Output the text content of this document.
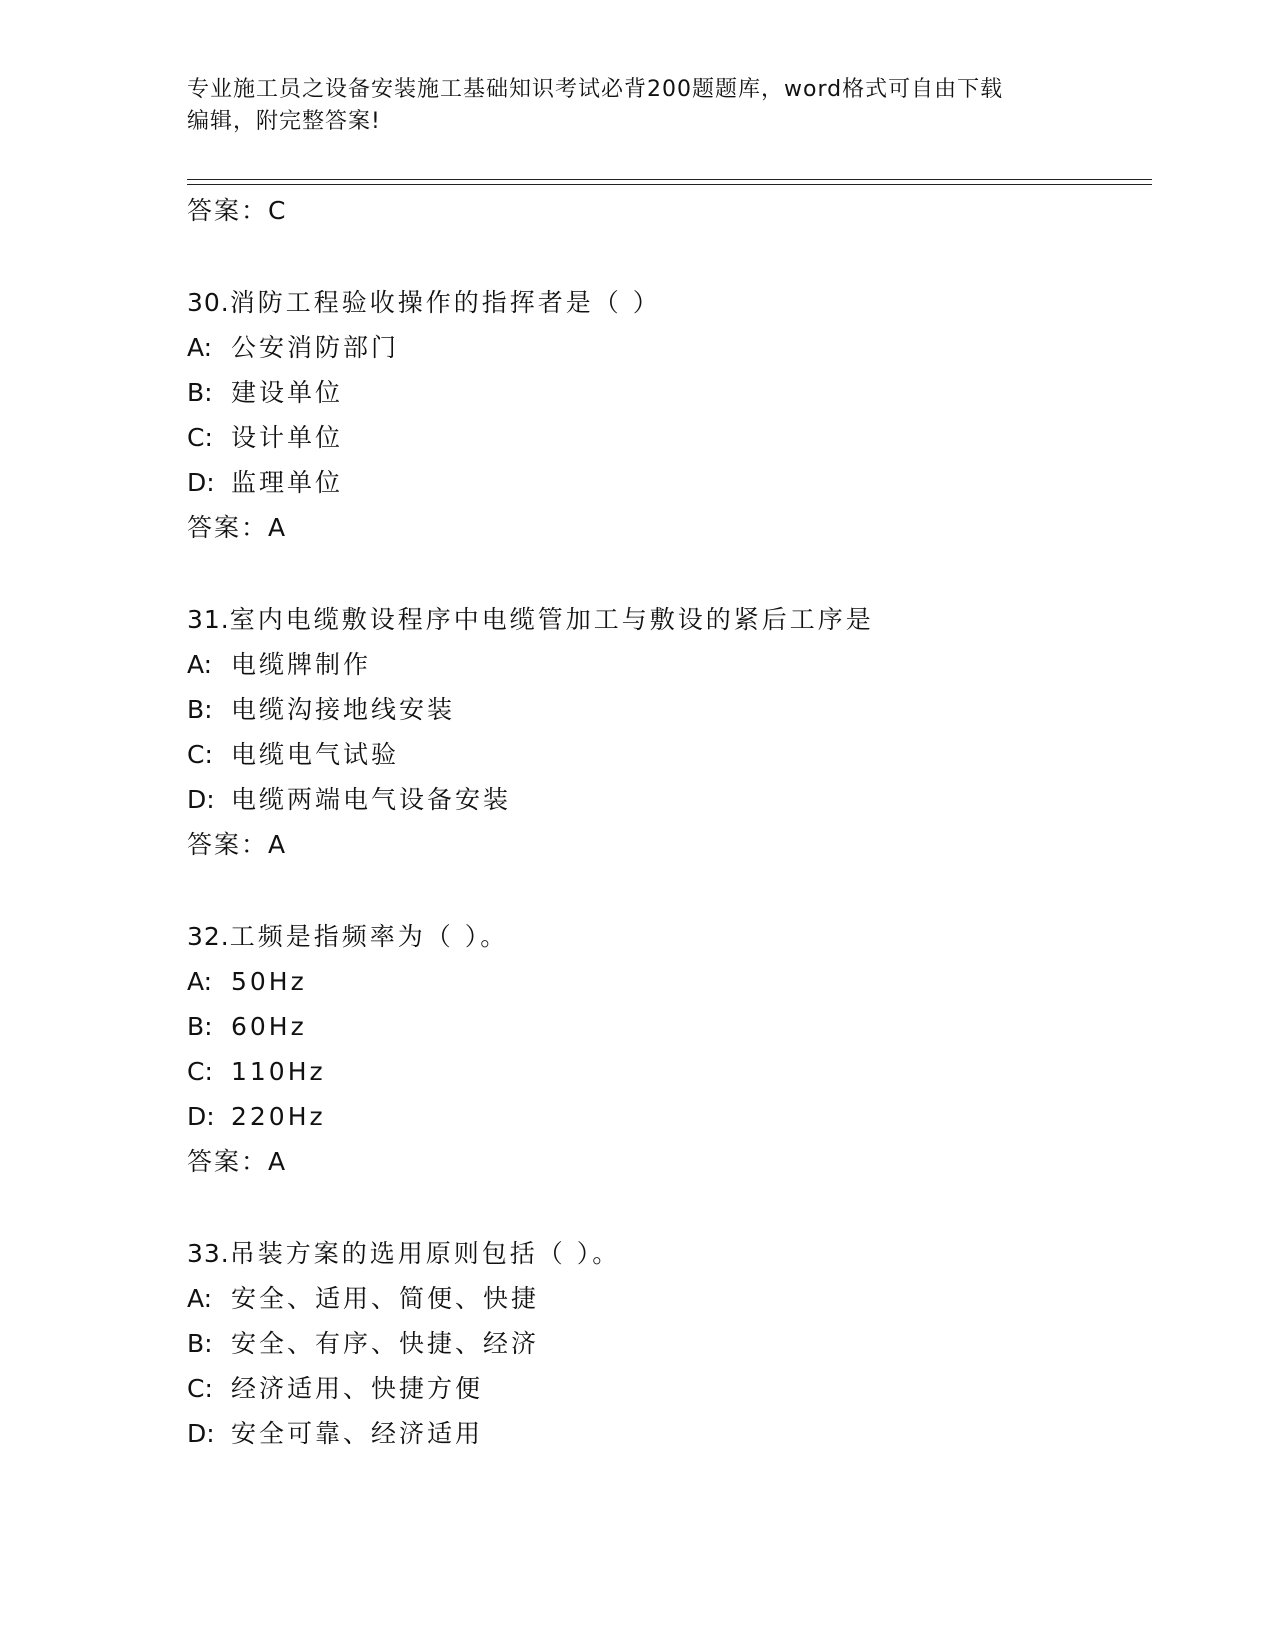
专业施工员之设备安装施工基础知识考试必背200题题库，word格式可自由下载
编辑，附完整答案!
答案：C
30.消防工程验收操作的指挥者是（ ）
A: 公安消防部门
B: 建设单位
C: 设计单位
D: 监理单位
答案：A
31.室内电缆敷设程序中电缆管加工与敷设的紧后工序是
A: 电缆牌制作
B: 电缆沟接地线安装
C: 电缆电气试验
D: 电缆两端电气设备安装
答案：A
32.工频是指频率为（ ）。
A: 50Hz
B: 60Hz
C: 110Hz
D: 220Hz
答案：A
33.吊装方案的选用原则包括（ ）。
A: 安全、适用、简便、快捷
B: 安全、有序、快捷、经济
C: 经济适用、快捷方便
D: 安全可靠、经济适用
